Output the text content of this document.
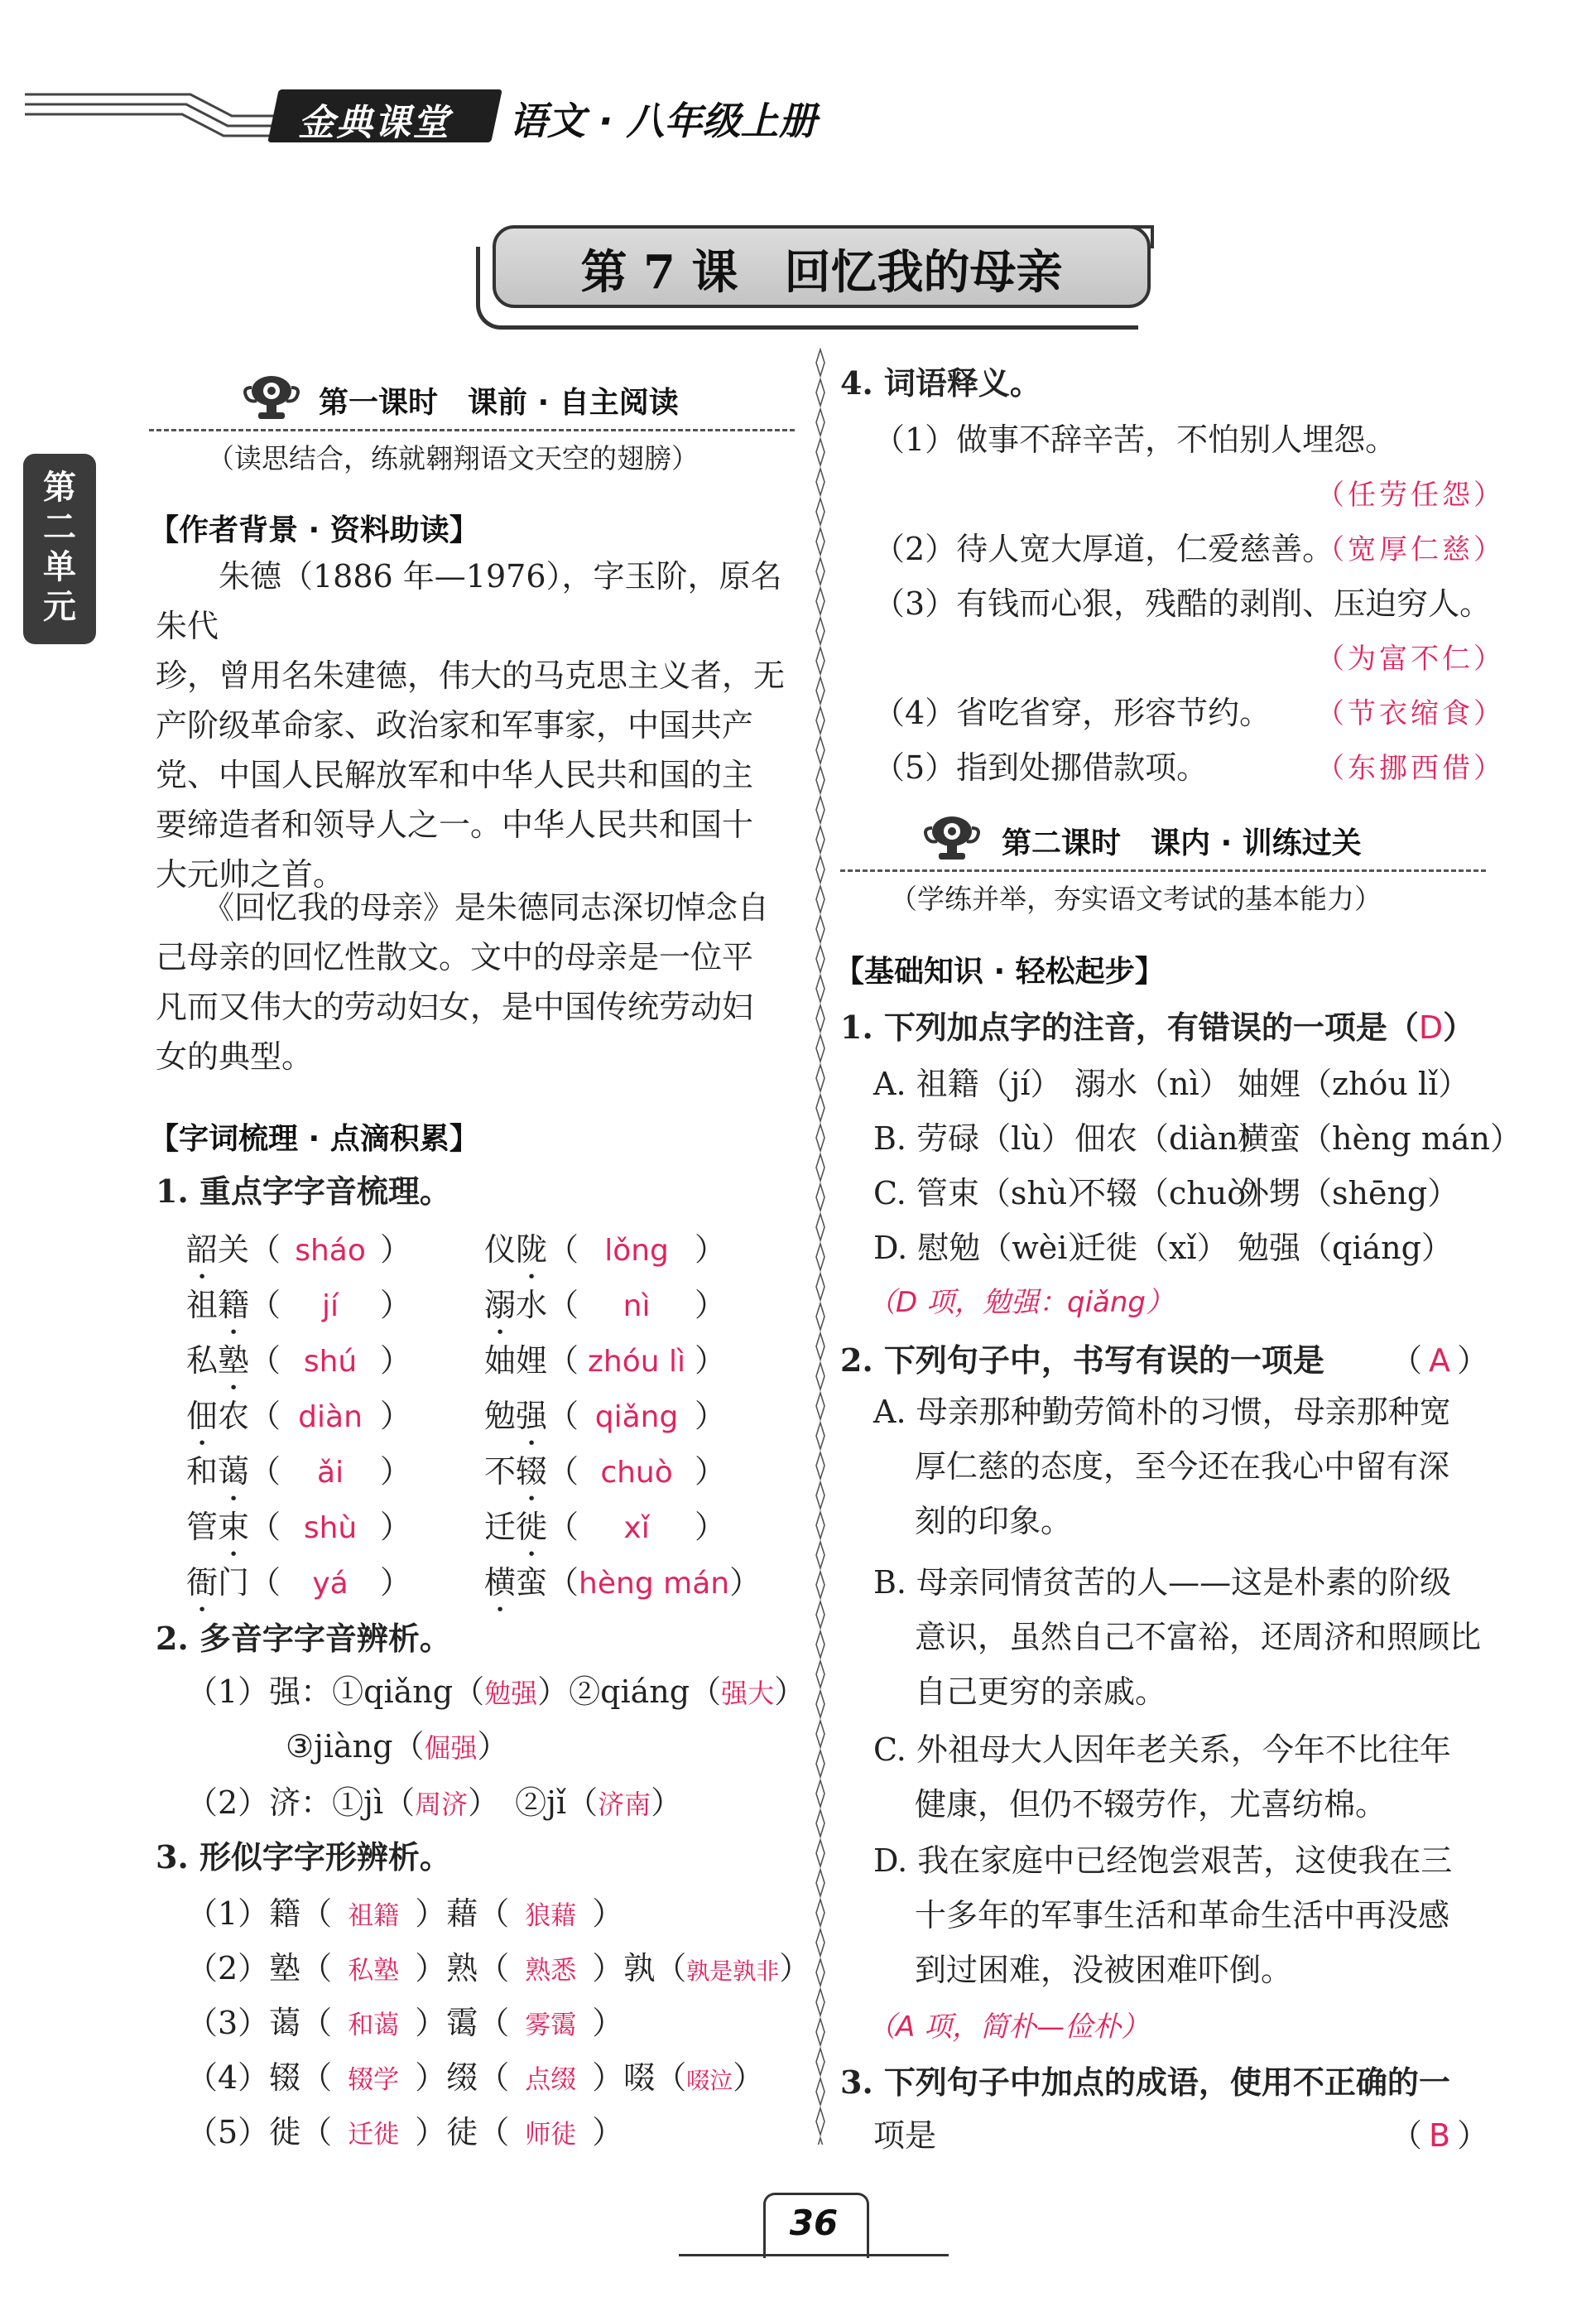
金典课堂 语文 · 八年级上册
第 7 课　回忆我的母亲
第
二
单
元
第一课时　课前 · 自主阅读
（读思结合，练就翱翔语文天空的翅膀）
【作者背景 · 资料助读】
　　朱德（1886 年—1976），字玉阶，原名朱代
珍，曾用名朱建德，伟大的马克思主义者，无
产阶级革命家、政治家和军事家，中国共产
党、中国人民解放军和中华人民共和国的主
要缔造者和领导人之一。中华人民共和国十
大元帅之首。
　　《回忆我的母亲》是朱德同志深切悼念自
己母亲的回忆性散文。文中的母亲是一位平
凡而又伟大的劳动妇女，是中国传统劳动妇
女的典型。
【字词梳理 · 点滴积累】
1. 重点字字音梳理。
韶关（ sháo ） 仪陇（ lǒng ）
祖籍（ jí ） 溺水（ nì ）
私塾（ shú ） 妯娌（ zhóu lì ）
佃农（ diàn ） 勉强（ qiǎng ）
和蔼（ ǎi ） 不辍（ chuò ）
管束（ shù ） 迁徙（ xǐ ）
衙门（ yá ） 横蛮（hèng mán）
2. 多音字字音辨析。
（1）强：①qiǎng（勉强）②qiáng（强大）
③jiàng（倔强）
（2）济：①jì（周济）　②jǐ（济南）
3. 形似字字形辨析。
（1）籍（ 祖籍 ）藉（ 狼藉 ）
（2）塾（ 私塾 ）熟（ 熟悉 ）孰（孰是孰非）
（3）蔼（ 和蔼 ）霭（ 雾霭 ）
（4）辍（ 辍学 ）缀（ 点缀 ）啜（啜泣）
（5）徙（ 迁徙 ）徒（ 师徒 ）
4. 词语释义。
（1）做事不辞辛苦，不怕别人埋怨。
（任劳任怨）
（2）待人宽大厚道，仁爱慈善。
（宽厚仁慈）
（3）有钱而心狠，残酷的剥削、压迫穷人。
（为富不仁）
（4）省吃省穿，形容节约。 （节衣缩食）
（5）指到处挪借款项。	（东挪西借）
第二课时　课内 · 训练过关
（学练并举，夯实语文考试的基本能力）
【基础知识 · 轻松起步】
1. 下列加点字的注音，有错误的一项是（D）
A. 祖籍（jí） 溺水（nì） 妯娌（zhóu lǐ）
B. 劳碌（lù） 佃农（diàn）
横蛮（hèng mán）
C. 管束（shù）
不辍（chuò）
外甥（shēng）
D. 慰勉（wèi）
迁徙（xǐ） 勉强（qiáng）
（D 项，勉强：qiǎng）
2. 下列句子中，书写有误的一项是 （ A ）
A. 母亲那种勤劳简朴的习惯，母亲那种宽
厚仁慈的态度，至今还在我心中留有深
刻的印象。
B. 母亲同情贫苦的人——这是朴素的阶级
意识，虽然自己不富裕，还周济和照顾比
自己更穷的亲戚。
C. 外祖母大人因年老关系，今年不比往年
健康，但仍不辍劳作，尤喜纺棉。
D. 我在家庭中已经饱尝艰苦，这使我在三
十多年的军事生活和革命生活中再没感
到过困难，没被困难吓倒。
（A 项，简朴—俭朴）
3. 下列句子中加点的成语，使用不正确的一
项是	（ B ）
36
